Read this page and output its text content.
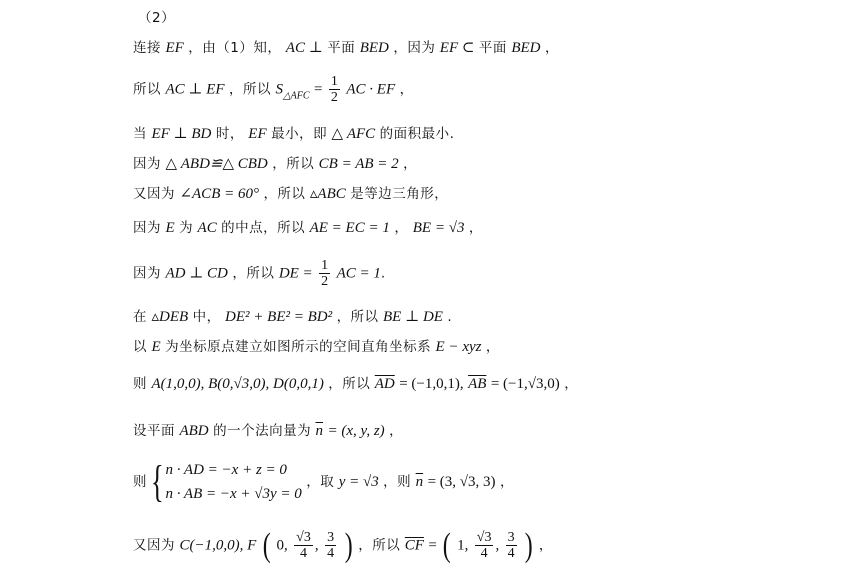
（2）
连接 EF ，由（1）知， AC ⊥ 平面 BED ，因为 EF ⊂ 平面 BED ，
所以 AC ⊥ EF ，所以 $S_{\triangle AFC} = \frac{1}{2}$ AC · EF ，
当 EF ⊥ BD 时， EF 最小，即 △ AFC 的面积最小.
因为 △ ABD≌△ CBD ，所以 CB = AB = 2 ，
又因为 ∠ACB = 60° ，所以 ▵ABC 是等边三角形，
因为 E 为 AC 的中点，所以 AE = EC = 1 ， BE = √3 ，
因为 AD ⊥ CD ，所以 DE = $\frac{1}{2}$ AC = 1.
在 ▵DEB 中， DE² + BE² = BD² ，所以 BE ⊥ DE .
以 E 为坐标原点建立如图所示的空间直角坐标系 E − xyz ，
则 A(1,0,0), B(0,√3,0), D(0,0,1) ，所以 $\overline{AD} = (-1,0,1)$, $\overline{AB} = (-1,√3,0)$ ，
设平面 ABD 的一个法向量为 $\overline{n} = (x$, y, z) ，
则 { n · AD = −x + z = 0
n · AB = −x + √3y = 0
，取 y = √3 ，则 $\overline{n} = (3$, √3, 3) ，
又因为 C(−1,0,0), F ( 0, $\frac{√3}{4}$ , $\frac{3}{4}$ ) ，所以 $\overline{CF}$ = ( 1, $\frac{√3}{4}$ , $\frac{3}{4}$ ) ，
